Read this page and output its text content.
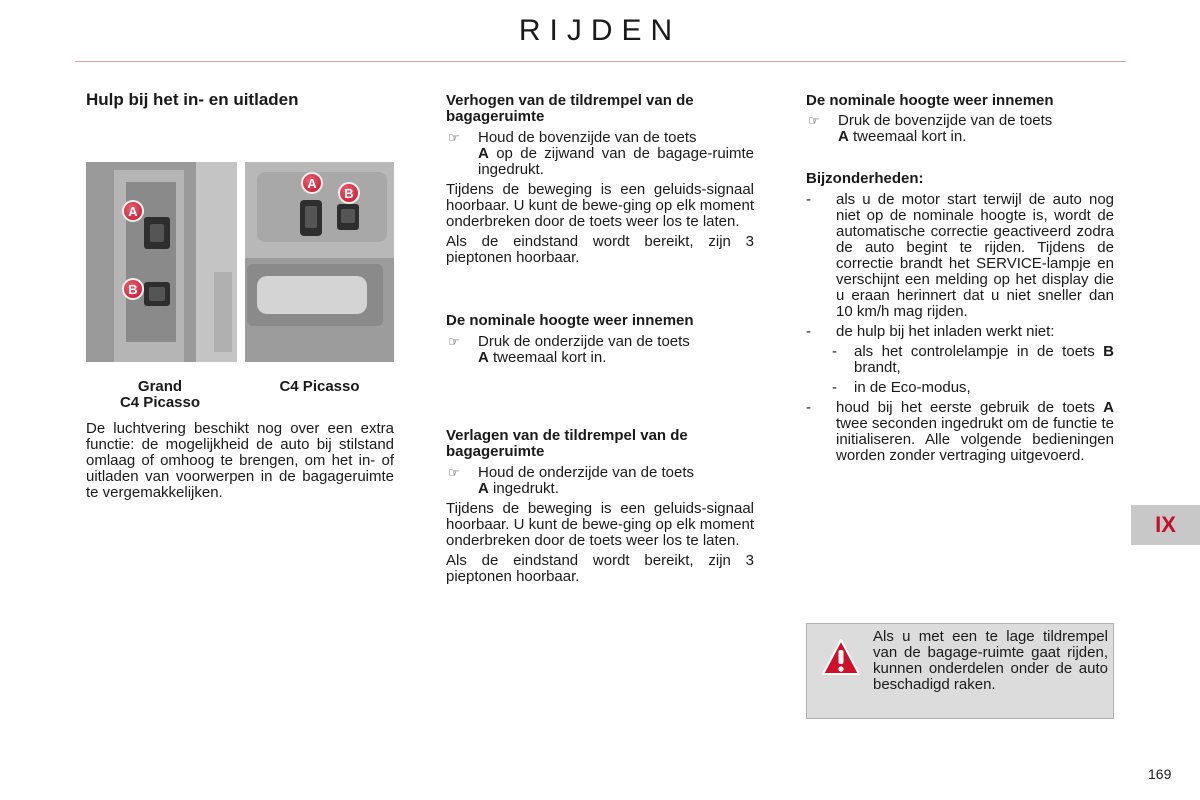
RIJDEN
Hulp bij het in- en uitladen
A
B
A
B
Grand
C4 Picasso
C4 Picasso

De luchtvering beschikt nog over een extra functie: de mogelijkheid de auto bij stilstand omlaag of omhoog te brengen, om het in- of uitladen van voorwerpen in de bagageruimte te vergemakkelijken.

Verhogen van de tildrempel van de bagageruimte
☞	Houd de bovenzijde van de toets
A op de zijwand van de bagage-ruimte ingedrukt.

Tijdens de beweging is een geluids-signaal hoorbaar. U kunt de bewe-ging op elk moment onderbreken door de toets weer los te laten.

Als de eindstand wordt bereikt, zijn 3 pieptonen hoorbaar.

De nominale hoogte weer innemen
☞	Druk de onderzijde van de toets
A tweemaal kort in.
Verlagen van de tildrempel van de bagageruimte
☞	Houd de onderzijde van de toets
A ingedrukt.

Tijdens de beweging is een geluids-signaal hoorbaar. U kunt de bewe-ging op elk moment onderbreken door de toets weer los te laten.

Als de eindstand wordt bereikt, zijn 3 pieptonen hoorbaar.

De nominale hoogte weer innemen
☞	Druk de bovenzijde van de toets
A tweemaal kort in.
Bijzonderheden:
-	als u de motor start terwijl de auto nog niet op de nominale hoogte is, wordt de automatische correctie geactiveerd zodra de auto begint te rijden. Tijdens de correctie brandt het SERVICE-lampje en verschijnt een melding op het display die u eraan herinnert dat u niet sneller dan 10 km/h mag rijden.
-	de hulp bij het inladen werkt niet:
-	als het controlelampje in de toets B brandt,
-	in de Eco-modus,
-	houd bij het eerste gebruik de toets A twee seconden ingedrukt om de functie te initialiseren. Alle volgende bedieningen worden zonder vertraging uitgevoerd.
Als u met een te lage tildrempel van de bagage-ruimte gaat rijden, kunnen onderdelen onder de auto beschadigd raken.
IX
169
